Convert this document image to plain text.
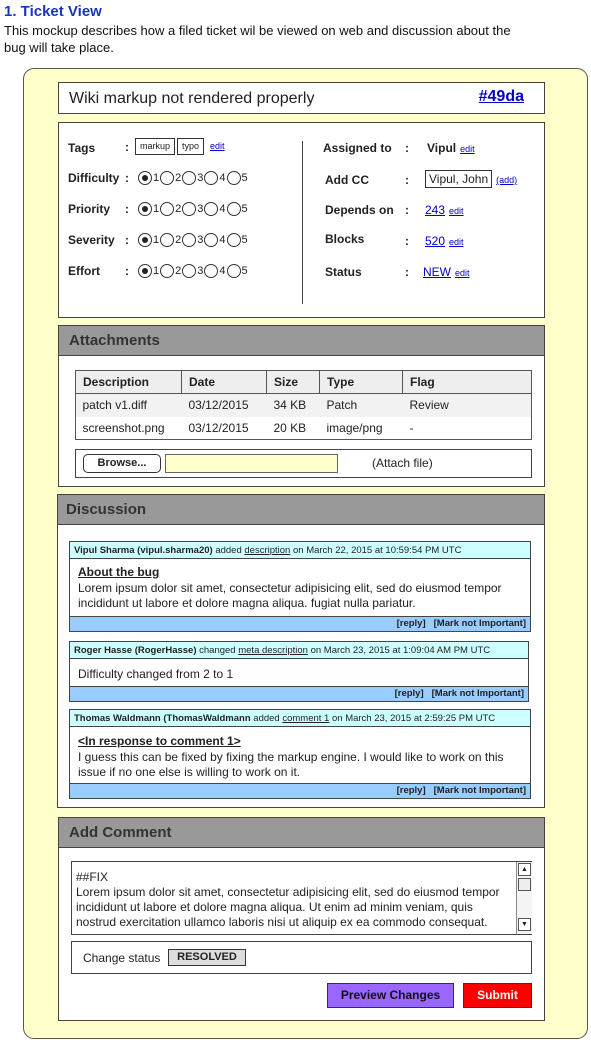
1. Ticket View
This mockup describes how a filed ticket wil be viewed on web and discussion about the bug will take place.
Wiki markup not rendered properly	#49da
Tags :	markup typo edit
Difficulty : 1 2 3 4 5
Priority : 1 2 3 4 5
Severity : 1 2 3 4 5
Effort : 1 2 3 4 5
Assigned to : Vipul edit
Add CC	:	Vipul, John (add)
Depends on : 243 edit
Blocks	: 520 edit
Status	: NEW edit
Attachments
Description	Date	Size	Type	Flag
patch v1.diff	03/12/2015	34 KB	Patch	Review
screenshot.png	03/12/2015	20 KB	image/png	-
Browse...	(Attach file)
Discussion
Vipul Sharma (vipul.sharma20) added description on March 22, 2015 at 10:59:54 PM UTC
About the bug
Lorem ipsum dolor sit amet, consectetur adipisicing elit, sed do eiusmod tempor incididunt ut labore et dolore magna aliqua. fugiat nulla pariatur.
[reply] [Mark not Important]
Roger Hasse (RogerHasse) changed meta description on March 23, 2015 at 1:09:04 AM PM UTC
Difficulty changed from 2 to 1
[reply] [Mark not Important]
Thomas Waldmann (ThomasWaldmann added comment 1 on March 23, 2015 at 2:59:25 PM UTC
<In response to comment 1>
I guess this can be fixed by fixing the markup engine. I would like to work on this issue if no one else is willing to work on it.
[reply] [Mark not Important]
Add Comment
##FIX
Lorem ipsum dolor sit amet, consectetur adipisicing elit, sed do eiusmod tempor incididunt ut labore et dolore magna aliqua. Ut enim ad minim veniam, quis nostrud exercitation ullamco laboris nisi ut aliquip ex ea commodo consequat.
▲
▼
Change status	RESOLVED
Preview Changes	Submit
